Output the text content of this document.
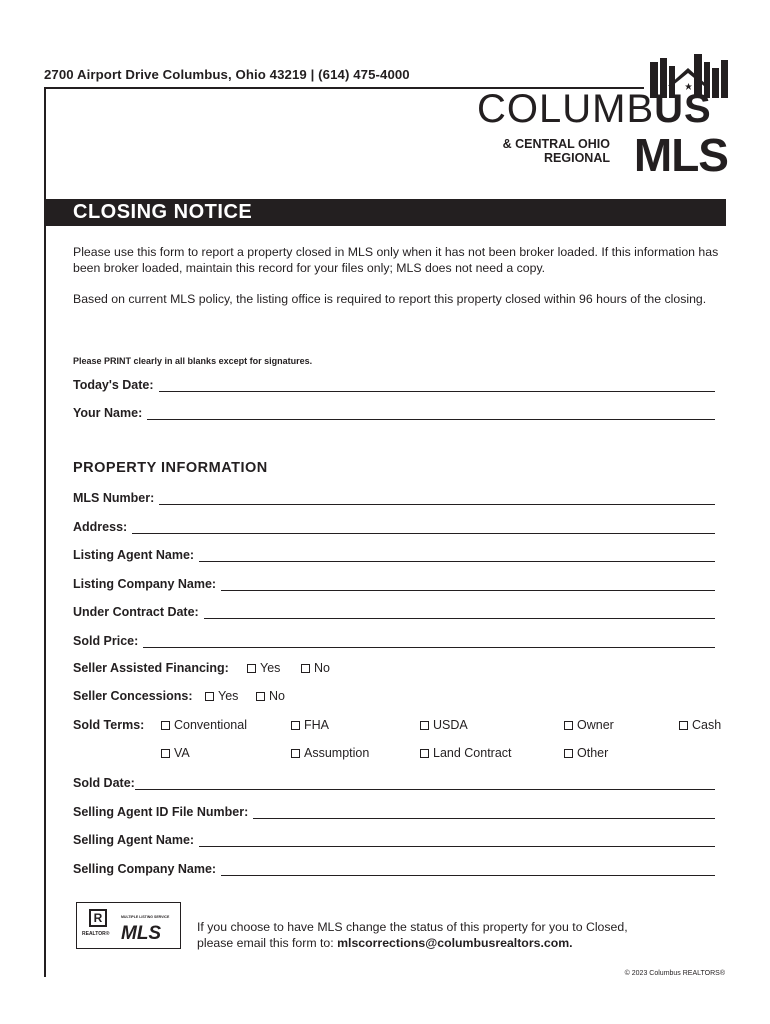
2700 Airport Drive Columbus, Ohio 43219 | (614) 475-4000
COLUMBUS
& CENTRAL OHIO
REGIONAL MLS
CLOSING NOTICE
Please use this form to report a property closed in MLS only when it has not been broker loaded. If this information has been broker loaded, maintain this record for your files only; MLS does not need a copy.
Based on current MLS policy, the listing office is required to report this property closed within 96 hours of the closing.
Please PRINT clearly in all blanks except for signatures.
Today's Date:
Your Name:
PROPERTY INFORMATION
MLS Number:
Address:
Listing Agent Name:
Listing Company Name:
Under Contract Date:
Sold Price:
Seller Assisted Financing: Yes	No
Seller Concessions: Yes No
Sold Terms: Conventional	FHA	USDA	Owner	Cash
VA	Assumption	Land Contract	Other
Sold Date:
Selling Agent ID File Number:
Selling Agent Name:
Selling Company Name:
R
REALTOR®
MULTIPLE LISTING SERVICE
MLS	If you choose to have MLS change the status of this property for you to Closed,
please email this form to: mlscorrections@columbusrealtors.com.
© 2023 Columbus REALTORS®
